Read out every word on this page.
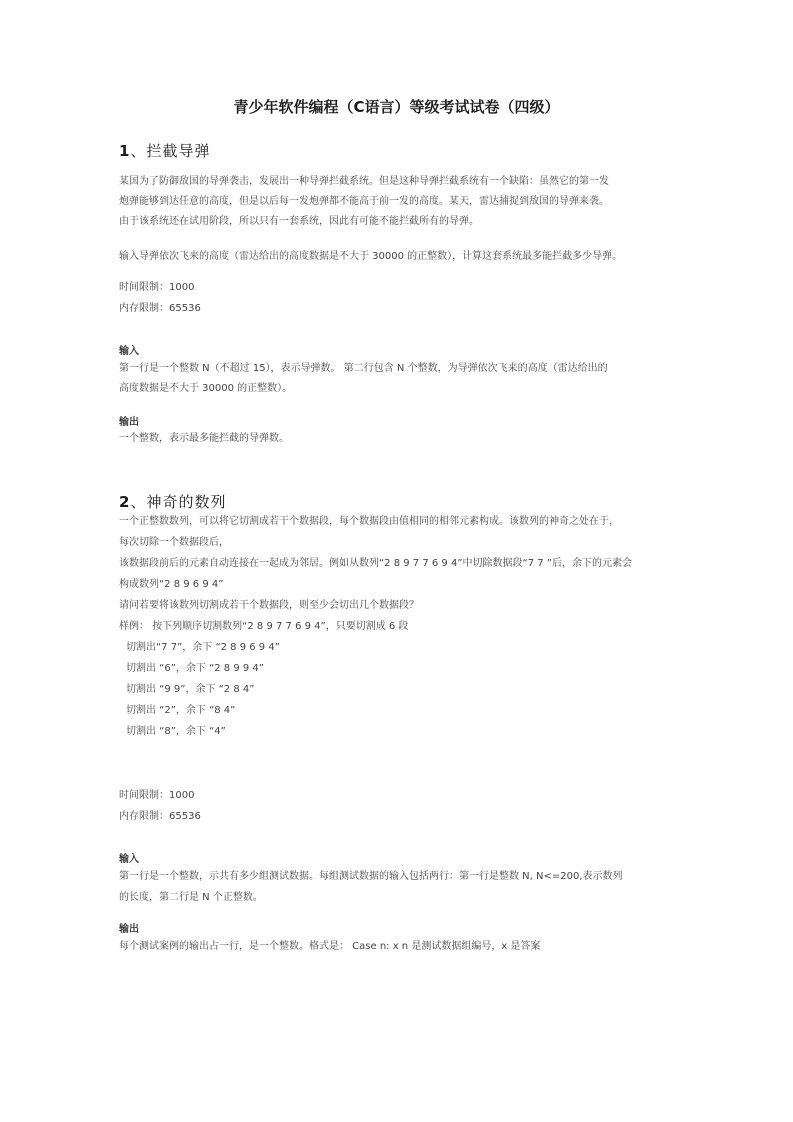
青少年软件编程（C语言）等级考试试卷（四级）
1、拦截导弹
某国为了防御敌国的导弹袭击，发展出一种导弹拦截系统。但是这种导弹拦截系统有一个缺陷：虽然它的第一发
炮弹能够到达任意的高度，但是以后每一发炮弹都不能高于前一发的高度。某天，雷达捕捉到敌国的导弹来袭。
由于该系统还在试用阶段，所以只有一套系统，因此有可能不能拦截所有的导弹。
输入导弹依次飞来的高度（雷达给出的高度数据是不大于 30000 的正整数），计算这套系统最多能拦截多少导弹。
时间限制：1000
内存限制：65536
输入
第一行是一个整数 N（不超过 15），表示导弹数。 第二行包含 N 个整数，为导弹依次飞来的高度（雷达给出的
高度数据是不大于 30000 的正整数）。
输出
一个整数，表示最多能拦截的导弹数。
2、神奇的数列
一个正整数数列，可以将它切割成若干个数据段，每个数据段由值相同的相邻元素构成。该数列的神奇之处在于，
每次切除一个数据段后，
该数据段前后的元素自动连接在一起成为邻居。例如从数列“2 8 9 7 7 6 9 4”中切除数据段“7 7 ”后，余下的元素会
构成数列“2 8 9 6 9 4”
请问若要将该数列切割成若干个数据段，则至少会切出几个数据段？
样例： 按下列顺序切割数列“2 8 9 7 7 6 9 4”，只要切割成 6 段
切割出“7 7”，余下 “2 8 9 6 9 4”
切割出 “6”，余下 “2 8 9 9 4”
切割出 “9 9”，余下 “2 8 4”
切割出 “2”，余下 “8 4”
切割出 “8”，余下 “4”
时间限制：1000
内存限制：65536
输入
第一行是一个整数，示共有多少组测试数据。每组测试数据的输入包括两行：第一行是整数 N, N<=200,表示数列
的长度，第二行是 N 个正整数。
输出
每个测试案例的输出占一行，是一个整数。格式是： Case n: x n 是测试数据组编号，x 是答案
